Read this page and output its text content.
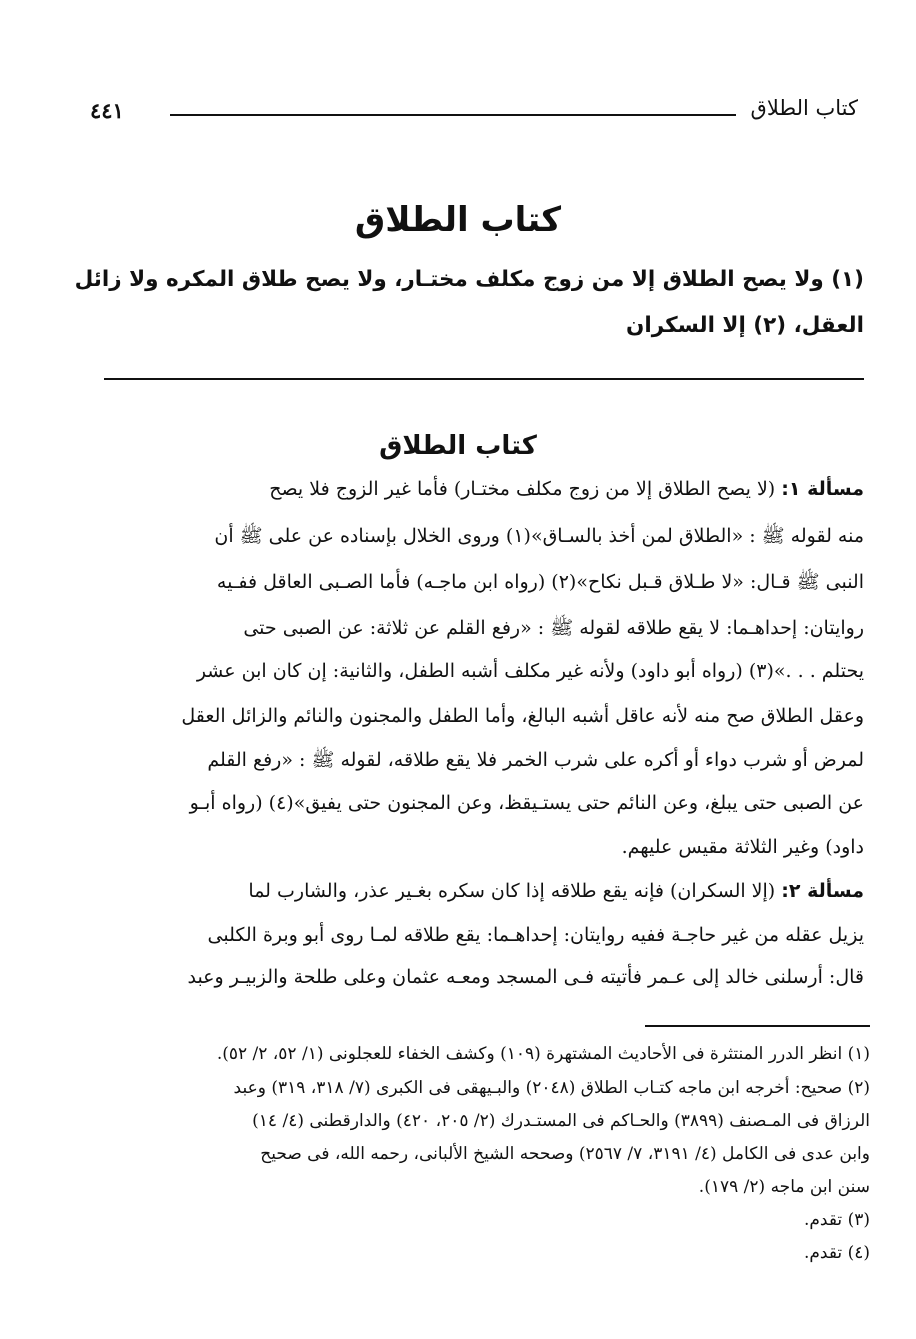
كتاب الطلاق
٤٤١
كتاب الطلاق
(١) ولا يصح الطلاق إلا من زوج مكلف مختـار، ولا يصح طلاق المكره ولا زائل
العقل، (٢) إلا السكران
كتاب الطلاق
مسألة ١: (لا يصح الطلاق إلا من زوج مكلف مختـار) فأما غير الزوج فلا يصح
منه لقوله ﷺ : «الطلاق لمن أخذ بالسـاق»(١) وروى الخلال بإسناده عن على ﷺ أن
النبى ﷺ قـال: «لا طـلاق قـبل نكاح»(٢) (رواه ابن ماجـه) فأما الصـبى العاقل ففـيه
روايتان: إحداهـما: لا يقع طلاقه لقوله ﷺ : «رفع القلم عن ثلاثة: عن الصبى حتى
يحتلم . . .»(٣) (رواه أبو داود) ولأنه غير مكلف أشبه الطفل، والثانية: إن كان ابن عشر
وعقل الطلاق صح منه لأنه عاقل أشبه البالغ، وأما الطفل والمجنون والنائم والزائل العقل
لمرض أو شرب دواء أو أكره على شرب الخمر فلا يقع طلاقه، لقوله ﷺ : «رفع القلم
عن الصبى حتى يبلغ، وعن النائم حتى يستـيقظ، وعن المجنون حتى يفيق»(٤) (رواه أبـو
داود) وغير الثلاثة مقيس عليهم.
مسألة ٢: (إلا السكران) فإنه يقع طلاقه إذا كان سكره بغـير عذر، والشارب لما
يزيل عقله من غير حاجـة ففيه روايتان: إحداهـما: يقع طلاقه لمـا روى أبو وبرة الكلبى
قال: أرسلنى خالد إلى عـمر فأتيته فـى المسجد ومعـه عثمان وعلى طلحة والزبيـر وعبد
(١) انظر الدرر المنتثرة فى الأحاديث المشتهرة (١٠٩) وكشف الخفاء للعجلونى (١/ ٥٢، ٢/ ٥٢).
(٢) صحيح: أخرجه ابن ماجه كتـاب الطلاق (٢٠٤٨) والبـيهقى فى الكبرى (٧/ ٣١٨، ٣١٩) وعبد
الرزاق فى المـصنف (٣٨٩٩) والحـاكم فى المستـدرك (٢/ ٢٠٥، ٤٢٠) والدارقطنى (٤/ ١٤)
وابن عدى فى الكامل (٤/ ٣١٩١، ٧/ ٢٥٦٧) وصححه الشيخ الألبانى، رحمه الله، فى صحيح
سنن ابن ماجه (٢/ ١٧٩).
(٣) تقدم.
(٤) تقدم.
